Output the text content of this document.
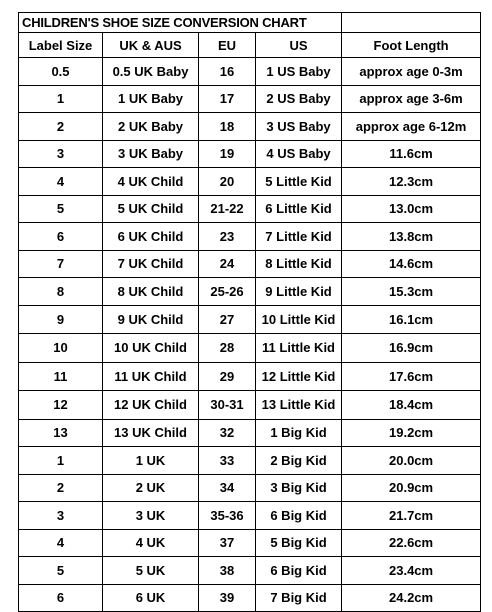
CHILDREN'S SHOE SIZE CONVERSION CHART				
Label Size	UK & AUS	EU	US	Foot Length
0.5	0.5 UK Baby	16	1 US Baby	approx age 0-3m
1	1 UK Baby	17	2 US Baby	approx age 3-6m
2	2 UK Baby	18	3 US Baby	approx age 6-12m
3	3 UK Baby	19	4 US Baby	11.6cm
4	4 UK Child	20	5 Little Kid	12.3cm
5	5 UK Child	21-22	6 Little Kid	13.0cm
6	6 UK Child	23	7 Little Kid	13.8cm
7	7 UK Child	24	8 Little Kid	14.6cm
8	8 UK Child	25-26	9 Little Kid	15.3cm
9	9 UK Child	27	10 Little Kid	16.1cm
10	10 UK Child	28	11 Little Kid	16.9cm
11	11 UK Child	29	12 Little Kid	17.6cm
12	12 UK Child	30-31	13 Little Kid	18.4cm
13	13 UK Child	32	1 Big Kid	19.2cm
1	1 UK	33	2 Big Kid	20.0cm
2	2 UK	34	3 Big Kid	20.9cm
3	3 UK	35-36	6 Big Kid	21.7cm
4	4 UK	37	5 Big Kid	22.6cm
5	5 UK	38	6 Big Kid	23.4cm
6	6 UK	39	7 Big Kid	24.2cm
